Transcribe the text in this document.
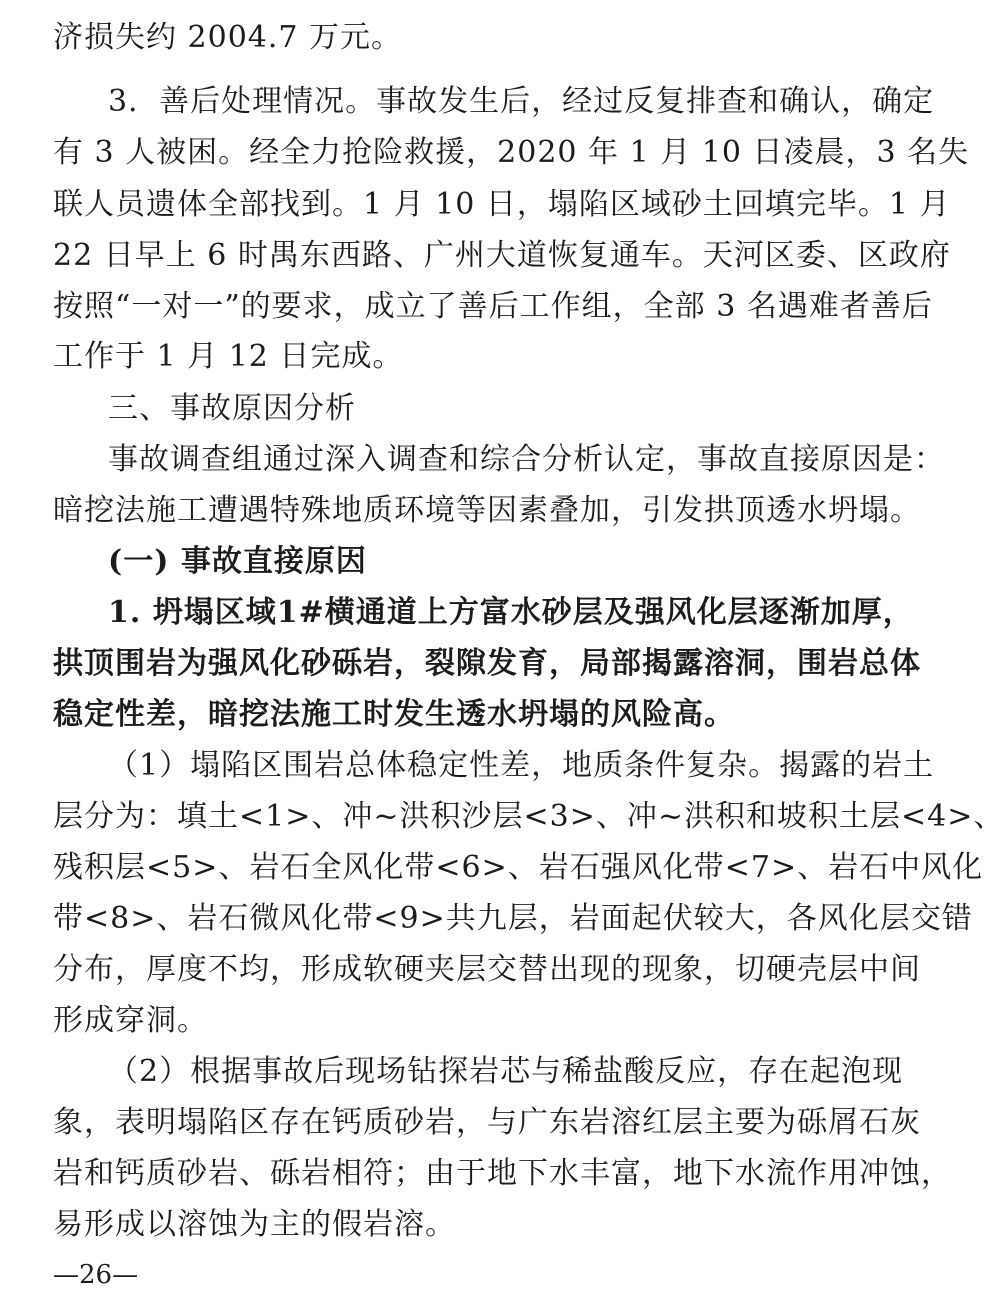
济损失约 2004.7 万元。
3．善后处理情况。事故发生后，经过反复排查和确认，确定
有 3 人被困。经全力抢险救援，2020 年 1 月 10 日凌晨，3 名失
联人员遗体全部找到。1 月 10 日，塌陷区域砂土回填完毕。1 月
22 日早上 6 时禺东西路、广州大道恢复通车。天河区委、区政府
按照“一对一”的要求，成立了善后工作组，全部 3 名遇难者善后
工作于 1 月 12 日完成。
三、事故原因分析
事故调查组通过深入调查和综合分析认定，事故直接原因是：
暗挖法施工遭遇特殊地质环境等因素叠加，引发拱顶透水坍塌。
(一) 事故直接原因
1. 坍塌区域1#横通道上方富水砂层及强风化层逐渐加厚，
拱顶围岩为强风化砂砾岩，裂隙发育，局部揭露溶洞，围岩总体
稳定性差，暗挖法施工时发生透水坍塌的风险高。
（1）塌陷区围岩总体稳定性差，地质条件复杂。揭露的岩土
层分为：填土<1>、冲~洪积沙层<3>、冲~洪积和坡积土层<4>、
残积层<5>、岩石全风化带<6>、岩石强风化带<7>、岩石中风化
带<8>、岩石微风化带<9>共九层，岩面起伏较大，各风化层交错
分布，厚度不均，形成软硬夹层交替出现的现象，切硬壳层中间
形成穿洞。
（2）根据事故后现场钻探岩芯与稀盐酸反应，存在起泡现
象，表明塌陷区存在钙质砂岩，与广东岩溶红层主要为砾屑石灰
岩和钙质砂岩、砾岩相符；由于地下水丰富，地下水流作用冲蚀，
易形成以溶蚀为主的假岩溶。
—26—
